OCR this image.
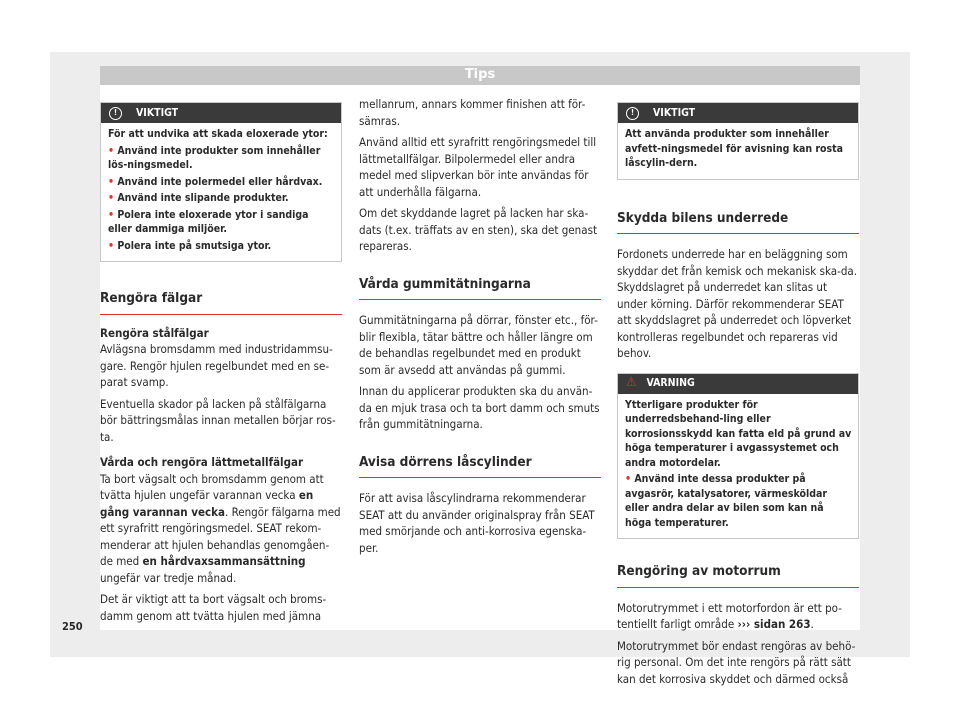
Tips
!	VIKTIGT

För att undvika att skada eloxerade ytor:

• Använd inte produkter som innehåller lös-ningsmedel.

• Använd inte polermedel eller hårdvax.

• Använd inte slipande produkter.

• Polera inte eloxerade ytor i sandiga eller dammiga miljöer.

• Polera inte på smutsiga ytor.

Rengöra fälgar

Rengöra stålfälgar

Avlägsna bromsdamm med industridammsu-gare. Rengör hjulen regelbundet med en se-parat svamp.

Eventuella skador på lacken på stålfälgarna bör bättringsmålas innan metallen börjar ros-ta.

Vårda och rengöra lättmetallfälgar

Ta bort vägsalt och bromsdamm genom att tvätta hjulen ungefär varannan vecka en gång varannan vecka. Rengör fälgarna med ett syrafritt rengöringsmedel. SEAT rekom-menderar att hjulen behandlas genomgåen-de med en hårdvaxsammansättning ungefär var tredje månad.

Det är viktigt att ta bort vägsalt och broms-damm genom att tvätta hjulen med jämna

mellanrum, annars kommer finishen att för-sämras.

Använd alltid ett syrafritt rengöringsmedel till lättmetallfälgar. Bilpolermedel eller andra medel med slipverkan bör inte användas för att underhålla fälgarna.

Om det skyddande lagret på lacken har ska-dats (t.ex. träffats av en sten), ska det genast repareras.

Vårda gummitätningarna

Gummitätningarna på dörrar, fönster etc., för-blir flexibla, tätar bättre och håller längre om de behandlas regelbundet med en produkt som är avsedd att användas på gummi.

Innan du applicerar produkten ska du använ-da en mjuk trasa och ta bort damm och smuts från gummitätningarna.

Avisa dörrens låscylinder

För att avisa låscylindrarna rekommenderar SEAT att du använder originalspray från SEAT med smörjande och anti-korrosiva egenska-per.

!	VIKTIGT

Att använda produkter som innehåller avfett-ningsmedel för avisning kan rosta låscylin-dern.

Skydda bilens underrede

Fordonets underrede har en beläggning som skyddar det från kemisk och mekanisk ska-da. Skyddslagret på underredet kan slitas ut under körning. Därför rekommenderar SEAT att skyddslagret på underredet och löpverket kontrolleras regelbundet och repareras vid behov.

⚠ VARNING

Ytterligare produkter för underredsbehand-ling eller korrosionsskydd kan fatta eld på grund av höga temperaturer i avgassystemet och andra motordelar.

• Använd inte dessa produkter på avgasrör, katalysatorer, värmesköldar eller andra delar av bilen som kan nå höga temperaturer.

Rengöring av motorrum

Motorutrymmet i ett motorfordon är ett po-tentiellt farligt område ››› sidan 263.

Motorutrymmet bör endast rengöras av behö-rig personal. Om det inte rengörs på rätt sätt kan det korrosiva skyddet och därmed också

250
